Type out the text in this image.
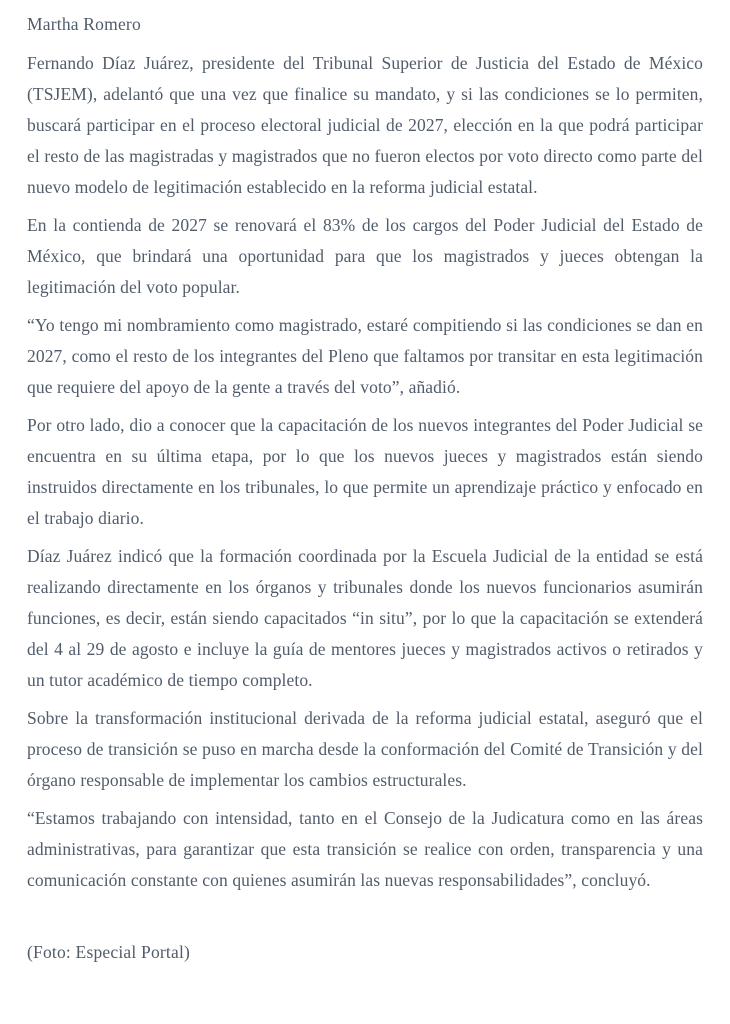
Martha Romero

Fernando Díaz Juárez, presidente del Tribunal Superior de Justicia del Estado de México (TSJEM), adelantó que una vez que finalice su mandato, y si las condiciones se lo permiten, buscará participar en el proceso electoral judicial de 2027, elección en la que podrá participar el resto de las magistradas y magistrados que no fueron electos por voto directo como parte del nuevo modelo de legitimación establecido en la reforma judicial estatal.

En la contienda de 2027 se renovará el 83% de los cargos del Poder Judicial del Estado de México, que brindará una oportunidad para que los magistrados y jueces obtengan la legitimación del voto popular.

“Yo tengo mi nombramiento como magistrado, estaré compitiendo si las condiciones se dan en 2027, como el resto de los integrantes del Pleno que faltamos por transitar en esta legitimación que requiere del apoyo de la gente a través del voto”, añadió.

Por otro lado, dio a conocer que la capacitación de los nuevos integrantes del Poder Judicial se encuentra en su última etapa, por lo que los nuevos jueces y magistrados están siendo instruidos directamente en los tribunales, lo que permite un aprendizaje práctico y enfocado en el trabajo diario.

Díaz Juárez indicó que la formación coordinada por la Escuela Judicial de la entidad se está realizando directamente en los órganos y tribunales donde los nuevos funcionarios asumirán funciones, es decir, están siendo capacitados “in situ”, por lo que la capacitación se extenderá del 4 al 29 de agosto e incluye la guía de mentores jueces y magistrados activos o retirados y un tutor académico de tiempo completo.

Sobre la transformación institucional derivada de la reforma judicial estatal, aseguró que el proceso de transición se puso en marcha desde la conformación del Comité de Transición y del órgano responsable de implementar los cambios estructurales.

“Estamos trabajando con intensidad, tanto en el Consejo de la Judicatura como en las áreas administrativas, para garantizar que esta transición se realice con orden, transparencia y una comunicación constante con quienes asumirán las nuevas responsabilidades”, concluyó.

(Foto: Especial Portal)
